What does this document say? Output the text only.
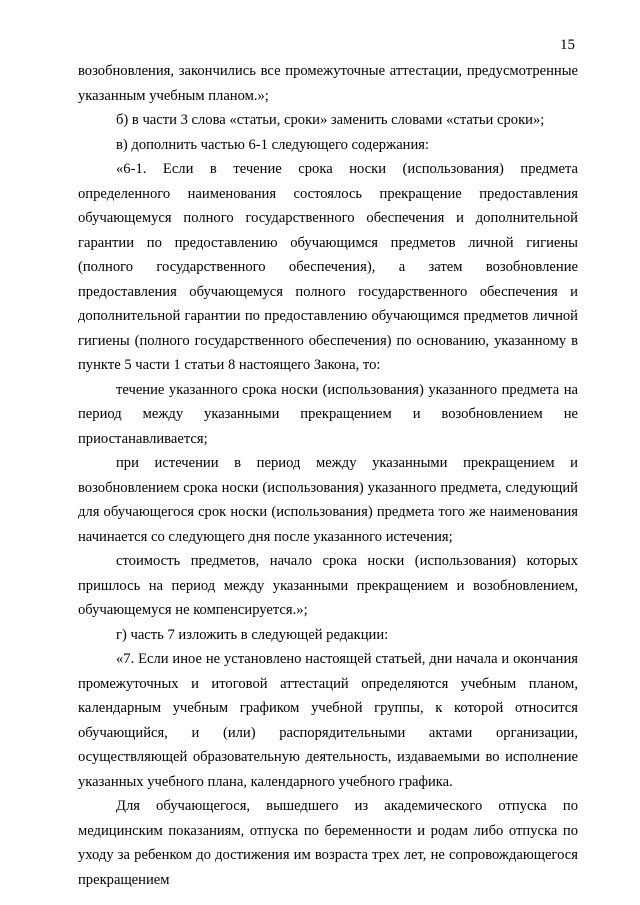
15

возобновления, закончились все промежуточные аттестации, предусмотренные указанным учебным планом.»;

б) в части 3 слова «статьи, сроки» заменить словами «статьи сроки»;

в) дополнить частью 6-1 следующего содержания:

«6-1. Если в течение срока носки (использования) предмета определенного наименования состоялось прекращение предоставления обучающемуся полного государственного обеспечения и дополнительной гарантии по предоставлению обучающимся предметов личной гигиены (полного государственного обеспечения), а затем возобновление предоставления обучающемуся полного государственного обеспечения и дополнительной гарантии по предоставлению обучающимся предметов личной гигиены (полного государственного обеспечения) по основанию, указанному в пункте 5 части 1 статьи 8 настоящего Закона, то:

течение указанного срока носки (использования) указанного предмета на период между указанными прекращением и возобновлением не приостанавливается;

при истечении в период между указанными прекращением и возобновлением срока носки (использования) указанного предмета, следующий для обучающегося срок носки (использования) предмета того же наименования начинается со следующего дня после указанного истечения;

стоимость предметов, начало срока носки (использования) которых пришлось на период между указанными прекращением и возобновлением, обучающемуся не компенсируется.»;

г) часть 7 изложить в следующей редакции:

«7. Если иное не установлено настоящей статьей, дни начала и окончания промежуточных и итоговой аттестаций определяются учебным планом, календарным учебным графиком учебной группы, к которой относится обучающийся, и (или) распорядительными актами организации, осуществляющей образовательную деятельность, издаваемыми во исполнение указанных учебного плана, календарного учебного графика.

Для обучающегося, вышедшего из академического отпуска по медицинским показаниям, отпуска по беременности и родам либо отпуска по уходу за ребенком до достижения им возраста трех лет, не сопровождающегося прекращением
